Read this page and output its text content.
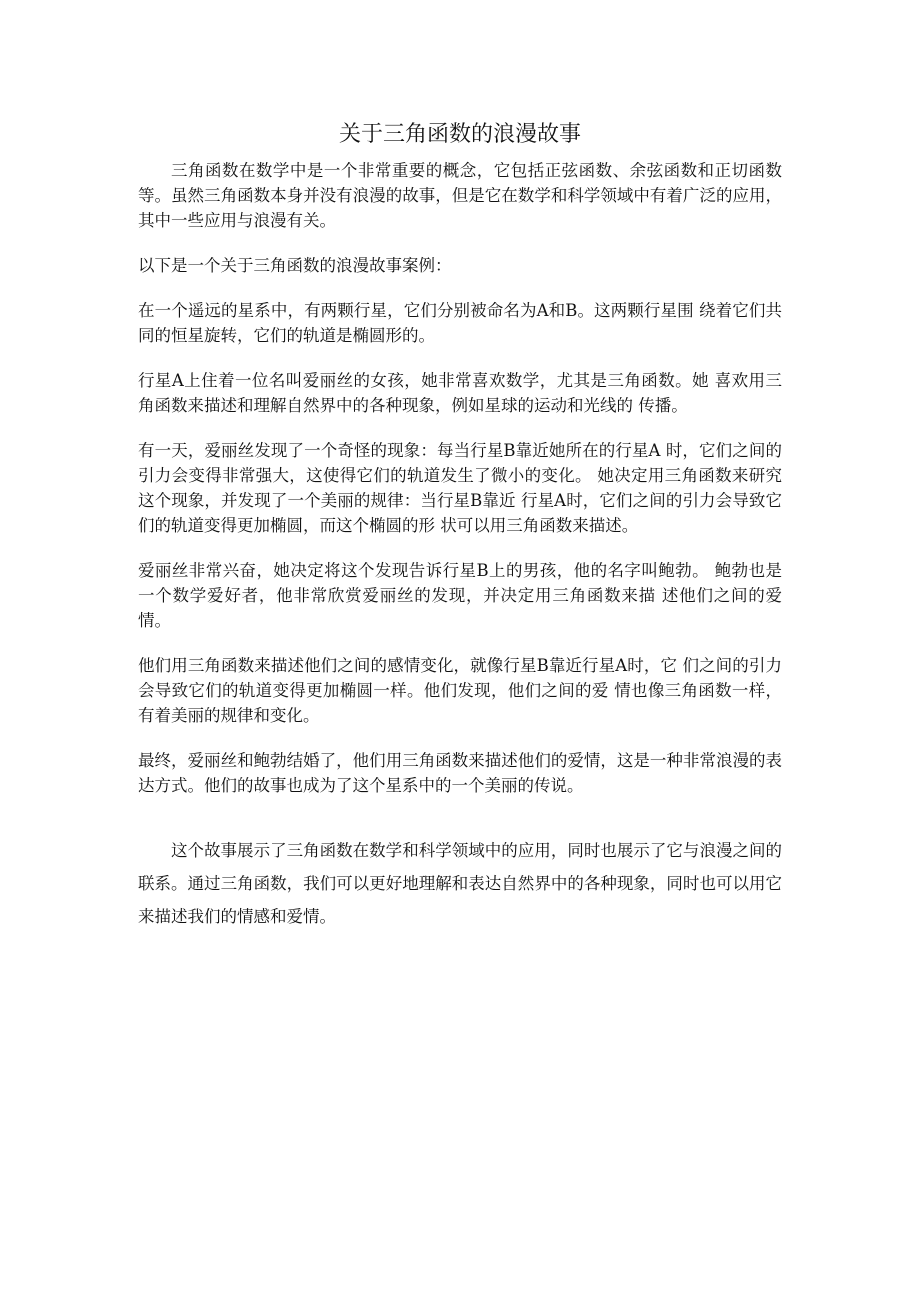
关于三角函数的浪漫故事

三角函数在数学中是一个非常重要的概念，它包括正弦函数、余弦函数和正切函数等。虽然三角函数本身并没有浪漫的故事，但是它在数学和科学领域中有着广泛的应用，其中一些应用与浪漫有关。

以下是一个关于三角函数的浪漫故事案例：

在一个遥远的星系中，有两颗行星，它们分别被命名为A和B。这两颗行星围 绕着它们共同的恒星旋转，它们的轨道是椭圆形的。

行星A上住着一位名叫爱丽丝的女孩，她非常喜欢数学，尤其是三角函数。她 喜欢用三角函数来描述和理解自然界中的各种现象，例如星球的运动和光线的 传播。

有一天，爱丽丝发现了一个奇怪的现象：每当行星B靠近她所在的行星A 时，它们之间的引力会变得非常强大，这使得它们的轨道发生了微小的变化。 她决定用三角函数来研究这个现象，并发现了一个美丽的规律：当行星B靠近 行星A时，它们之间的引力会导致它们的轨道变得更加椭圆，而这个椭圆的形 状可以用三角函数来描述。

爱丽丝非常兴奋，她决定将这个发现告诉行星B上的男孩，他的名字叫鲍勃。 鲍勃也是一个数学爱好者，他非常欣赏爱丽丝的发现，并决定用三角函数来描 述他们之间的爱情。

他们用三角函数来描述他们之间的感情变化，就像行星B靠近行星A时，它 们之间的引力会导致它们的轨道变得更加椭圆一样。他们发现，他们之间的爱 情也像三角函数一样，有着美丽的规律和变化。

最终，爱丽丝和鲍勃结婚了，他们用三角函数来描述他们的爱情，这是一种非常浪漫的表达方式。他们的故事也成为了这个星系中的一个美丽的传说。

这个故事展示了三角函数在数学和科学领域中的应用，同时也展示了它与浪漫之间的联系。通过三角函数，我们可以更好地理解和表达自然界中的各种现象，同时也可以用它来描述我们的情感和爱情。
